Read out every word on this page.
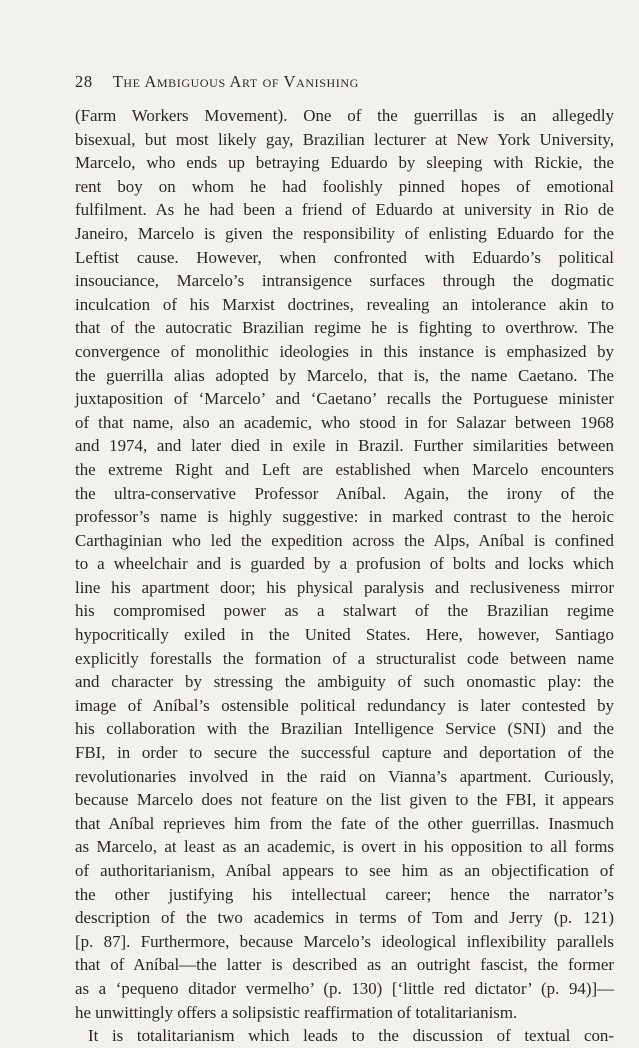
28 The Ambiguous Art of Vanishing
(Farm Workers Movement). One of the guerrillas is an allegedly
bisexual, but most likely gay, Brazilian lecturer at New York University,
Marcelo, who ends up betraying Eduardo by sleeping with Rickie, the
rent boy on whom he had foolishly pinned hopes of emotional
fulfilment. As he had been a friend of Eduardo at university in Rio de
Janeiro, Marcelo is given the responsibility of enlisting Eduardo for the
Leftist cause. However, when confronted with Eduardo’s political
insouciance, Marcelo’s intransigence surfaces through the dogmatic
inculcation of his Marxist doctrines, revealing an intolerance akin to
that of the autocratic Brazilian regime he is fighting to overthrow. The
convergence of monolithic ideologies in this instance is emphasized by
the guerrilla alias adopted by Marcelo, that is, the name Caetano. The
juxtaposition of ‘Marcelo’ and ‘Caetano’ recalls the Portuguese minister
of that name, also an academic, who stood in for Salazar between 1968
and 1974, and later died in exile in Brazil. Further similarities between
the extreme Right and Left are established when Marcelo encounters
the ultra-conservative Professor Aníbal. Again, the irony of the
professor’s name is highly suggestive: in marked contrast to the heroic
Carthaginian who led the expedition across the Alps, Aníbal is confined
to a wheelchair and is guarded by a profusion of bolts and locks which
line his apartment door; his physical paralysis and reclusiveness mirror
his compromised power as a stalwart of the Brazilian regime
hypocritically exiled in the United States. Here, however, Santiago
explicitly forestalls the formation of a structuralist code between name
and character by stressing the ambiguity of such onomastic play: the
image of Aníbal’s ostensible political redundancy is later contested by
his collaboration with the Brazilian Intelligence Service (SNI) and the
FBI, in order to secure the successful capture and deportation of the
revolutionaries involved in the raid on Vianna’s apartment. Curiously,
because Marcelo does not feature on the list given to the FBI, it appears
that Aníbal reprieves him from the fate of the other guerrillas. Inasmuch
as Marcelo, at least as an academic, is overt in his opposition to all forms
of authoritarianism, Aníbal appears to see him as an objectification of
the other justifying his intellectual career; hence the narrator’s
description of the two academics in terms of Tom and Jerry (p. 121)
[p. 87]. Furthermore, because Marcelo’s ideological inflexibility parallels
that of Aníbal—the latter is described as an outright fascist, the former
as a ‘pequeno ditador vermelho’ (p. 130) [‘little red dictator’ (p. 94)]—
he unwittingly offers a solipsistic reaffirmation of totalitarianism.
It is totalitarianism which leads to the discussion of textual con-
